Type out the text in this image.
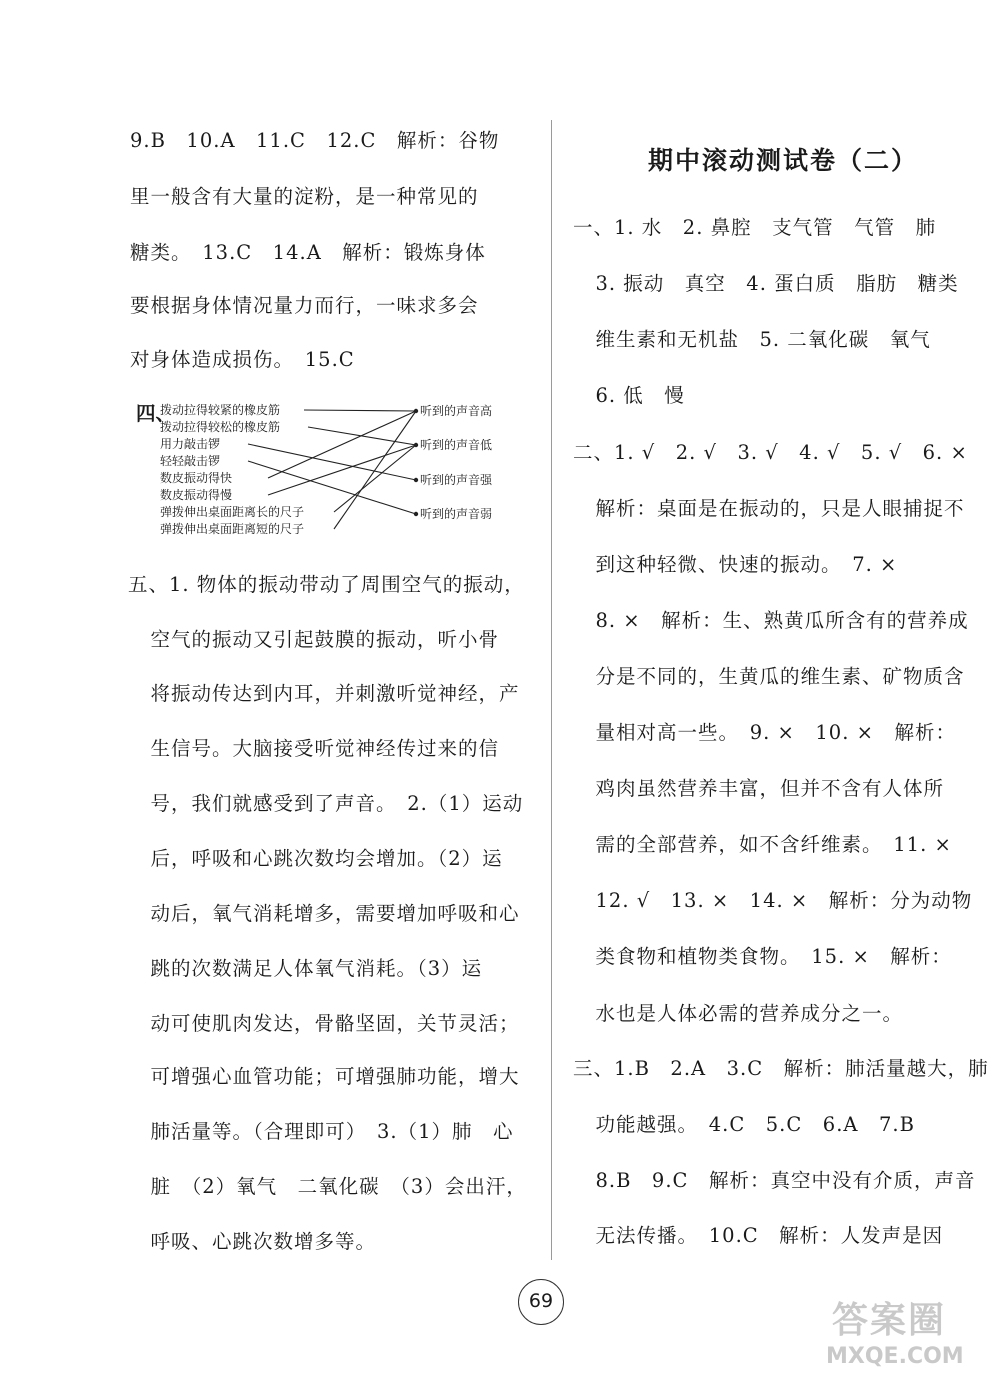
9.B　10.A　11.C　12.C　解析：谷物
里一般含有大量的淀粉，是一种常见的
糖类。　13.C　14.A　解析：锻炼身体
要根据身体情况量力而行，一味求多会
对身体造成损伤。　15.C
五、1. 物体的振动带动了周围空气的振动，
　空气的振动又引起鼓膜的振动，听小骨
　将振动传达到内耳，并刺激听觉神经，产
　生信号。大脑接受听觉神经传过来的信
　号，我们就感受到了声音。　2.（1）运动
　后，呼吸和心跳次数均会增加。（2）运
　动后，氧气消耗增多，需要增加呼吸和心
　跳的次数满足人体氧气消耗。（3）运
　动可使肌肉发达，骨骼坚固，关节灵活；
　可增强心血管功能；可增强肺功能，增大
　肺活量等。（合理即可）　3.（1）肺　心
　脏　（2）氧气　二氧化碳　（3）会出汗，
　呼吸、心跳次数增多等。
四、
拨动拉得较紧的橡皮筋
拨动拉得较松的橡皮筋
用力敲击锣
轻轻敲击锣
数皮振动得快
数皮振动得慢
弹拨伸出桌面距离长的尺子
弹拨伸出桌面距离短的尺子
听到的声音高
听到的声音低
听到的声音强
听到的声音弱
期中滚动测试卷（二）
一、1. 水　2. 鼻腔　支气管　气管　肺
　3. 振动　真空　4. 蛋白质　脂肪　糖类
　维生素和无机盐　5. 二氧化碳　氧气
　6. 低　慢
二、1. √　2. √　3. √　4. √　5. √　6. ×
　解析：桌面是在振动的，只是人眼捕捉不
　到这种轻微、快速的振动。　7. ×
　8. ×　解析：生、熟黄瓜所含有的营养成
　分是不同的，生黄瓜的维生素、矿物质含
　量相对高一些。　9. ×　10. ×　解析：
　鸡肉虽然营养丰富，但并不含有人体所
　需的全部营养，如不含纤维素。　11. ×
　12. √　13. ×　14. ×　解析：分为动物
　类食物和植物类食物。　15. ×　解析：
　水也是人体必需的营养成分之一。
三、1.B　2.A　3.C　解析：肺活量越大，肺
　功能越强。　4.C　5.C　6.A　7.B
　8.B　9.C　解析：真空中没有介质，声音
　无法传播。　10.C　解析：人发声是因
69	答案圈
MXQE.COM
